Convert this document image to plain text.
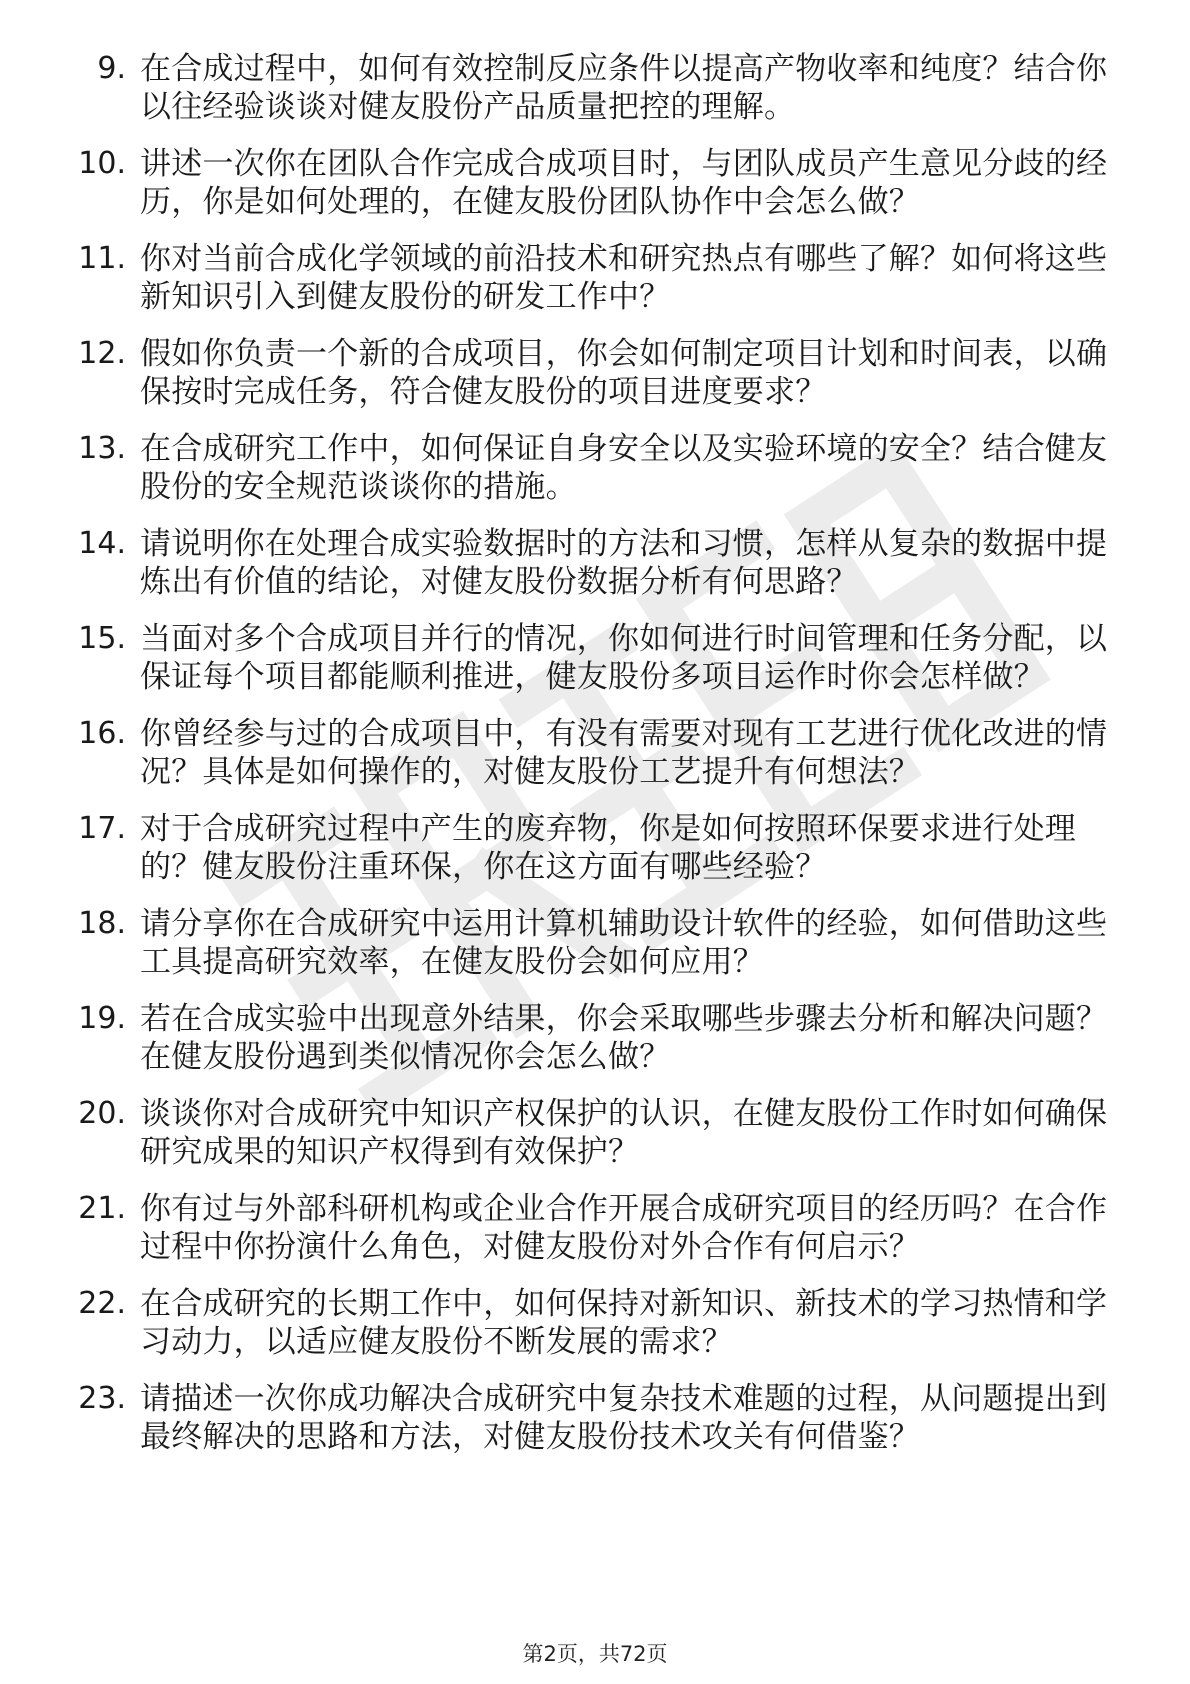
9. 在合成过程中，如何有效控制反应条件以提高产物收率和纯度？结合你以往经验谈谈对健友股份产品质量把控的理解。
10. 讲述一次你在团队合作完成合成项目时，与团队成员产生意见分歧的经历，你是如何处理的，在健友股份团队协作中会怎么做？
11. 你对当前合成化学领域的前沿技术和研究热点有哪些了解？如何将这些新知识引入到健友股份的研发工作中？
12. 假如你负责一个新的合成项目，你会如何制定项目计划和时间表，以确保按时完成任务，符合健友股份的项目进度要求？
13. 在合成研究工作中，如何保证自身安全以及实验环境的安全？结合健友股份的安全规范谈谈你的措施。
14. 请说明你在处理合成实验数据时的方法和习惯，怎样从复杂的数据中提炼出有价值的结论，对健友股份数据分析有何思路？
15. 当面对多个合成项目并行的情况，你如何进行时间管理和任务分配，以保证每个项目都能顺利推进，健友股份多项目运作时你会怎样做？
16. 你曾经参与过的合成项目中，有没有需要对现有工艺进行优化改进的情况？具体是如何操作的，对健友股份工艺提升有何想法？
17. 对于合成研究过程中产生的废弃物，你是如何按照环保要求进行处理的？健友股份注重环保，你在这方面有哪些经验？
18. 请分享你在合成研究中运用计算机辅助设计软件的经验，如何借助这些工具提高研究效率，在健友股份会如何应用？
19. 若在合成实验中出现意外结果，你会采取哪些步骤去分析和解决问题？在健友股份遇到类似情况你会怎么做？
20. 谈谈你对合成研究中知识产权保护的认识，在健友股份工作时如何确保研究成果的知识产权得到有效保护？
21. 你有过与外部科研机构或企业合作开展合成研究项目的经历吗？在合作过程中你扮演什么角色，对健友股份对外合作有何启示？
22. 在合成研究的长期工作中，如何保持对新知识、新技术的学习热情和学习动力，以适应健友股份不断发展的需求？
23. 请描述一次你成功解决合成研究中复杂技术难题的过程，从问题提出到最终解决的思路和方法，对健友股份技术攻关有何借鉴？
第2页，共72页
